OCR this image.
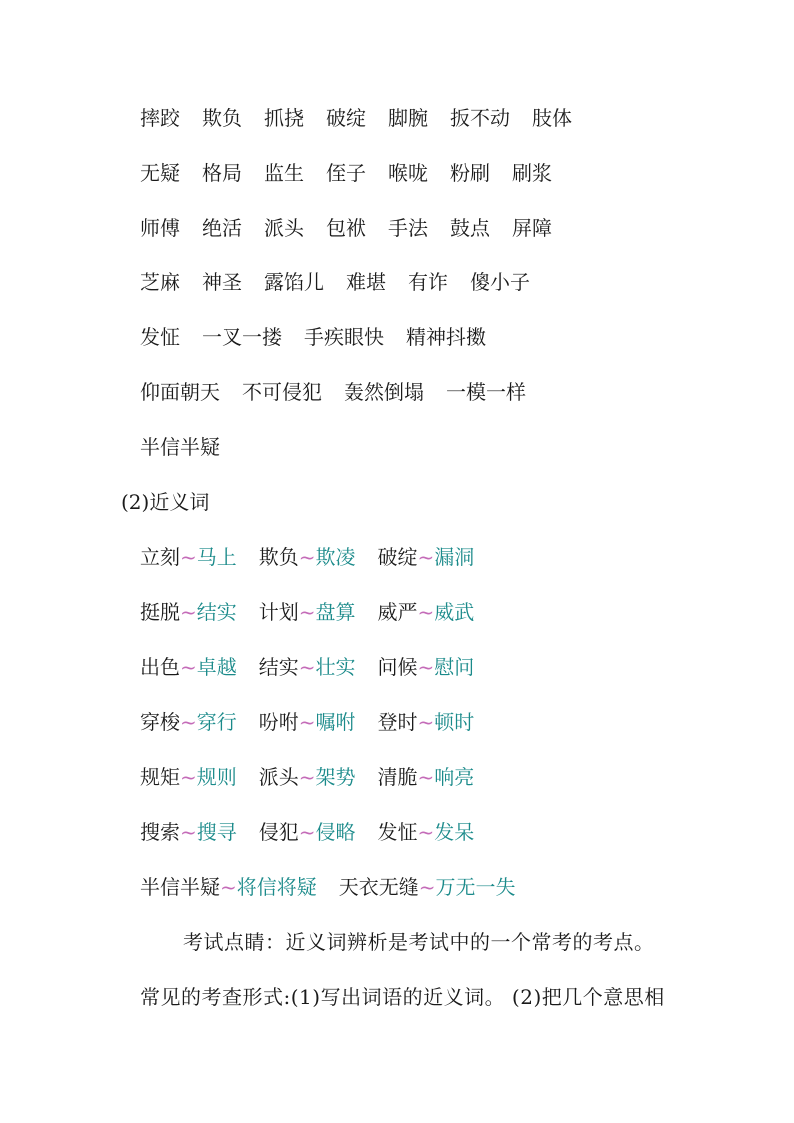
摔跤 欺负 抓挠 破绽 脚腕 扳不动 肢体
无疑 格局 监生 侄子 喉咙 粉刷 刷浆
师傅 绝活 派头 包袱 手法 鼓点 屏障
芝麻 神圣 露馅儿 难堪 有诈 傻小子
发怔 一叉一搂 手疾眼快 精神抖擞
仰面朝天 不可侵犯 轰然倒塌 一模一样
半信半疑
(2)近义词
立刻~马上 欺负~欺凌 破绽~漏洞
挺脱~结实 计划~盘算 威严~威武
出色~卓越 结实~壮实 问候~慰问
穿梭~穿行 吩咐~嘱咐 登时~顿时
规矩~规则 派头~架势 清脆~响亮
搜索~搜寻 侵犯~侵略 发怔~发呆
半信半疑~将信将疑 天衣无缝~万无一失
考试点睛：近义词辨析是考试中的一个常考的考点。
常见的考查形式:(1)写出词语的近义词。 (2)把几个意思相
